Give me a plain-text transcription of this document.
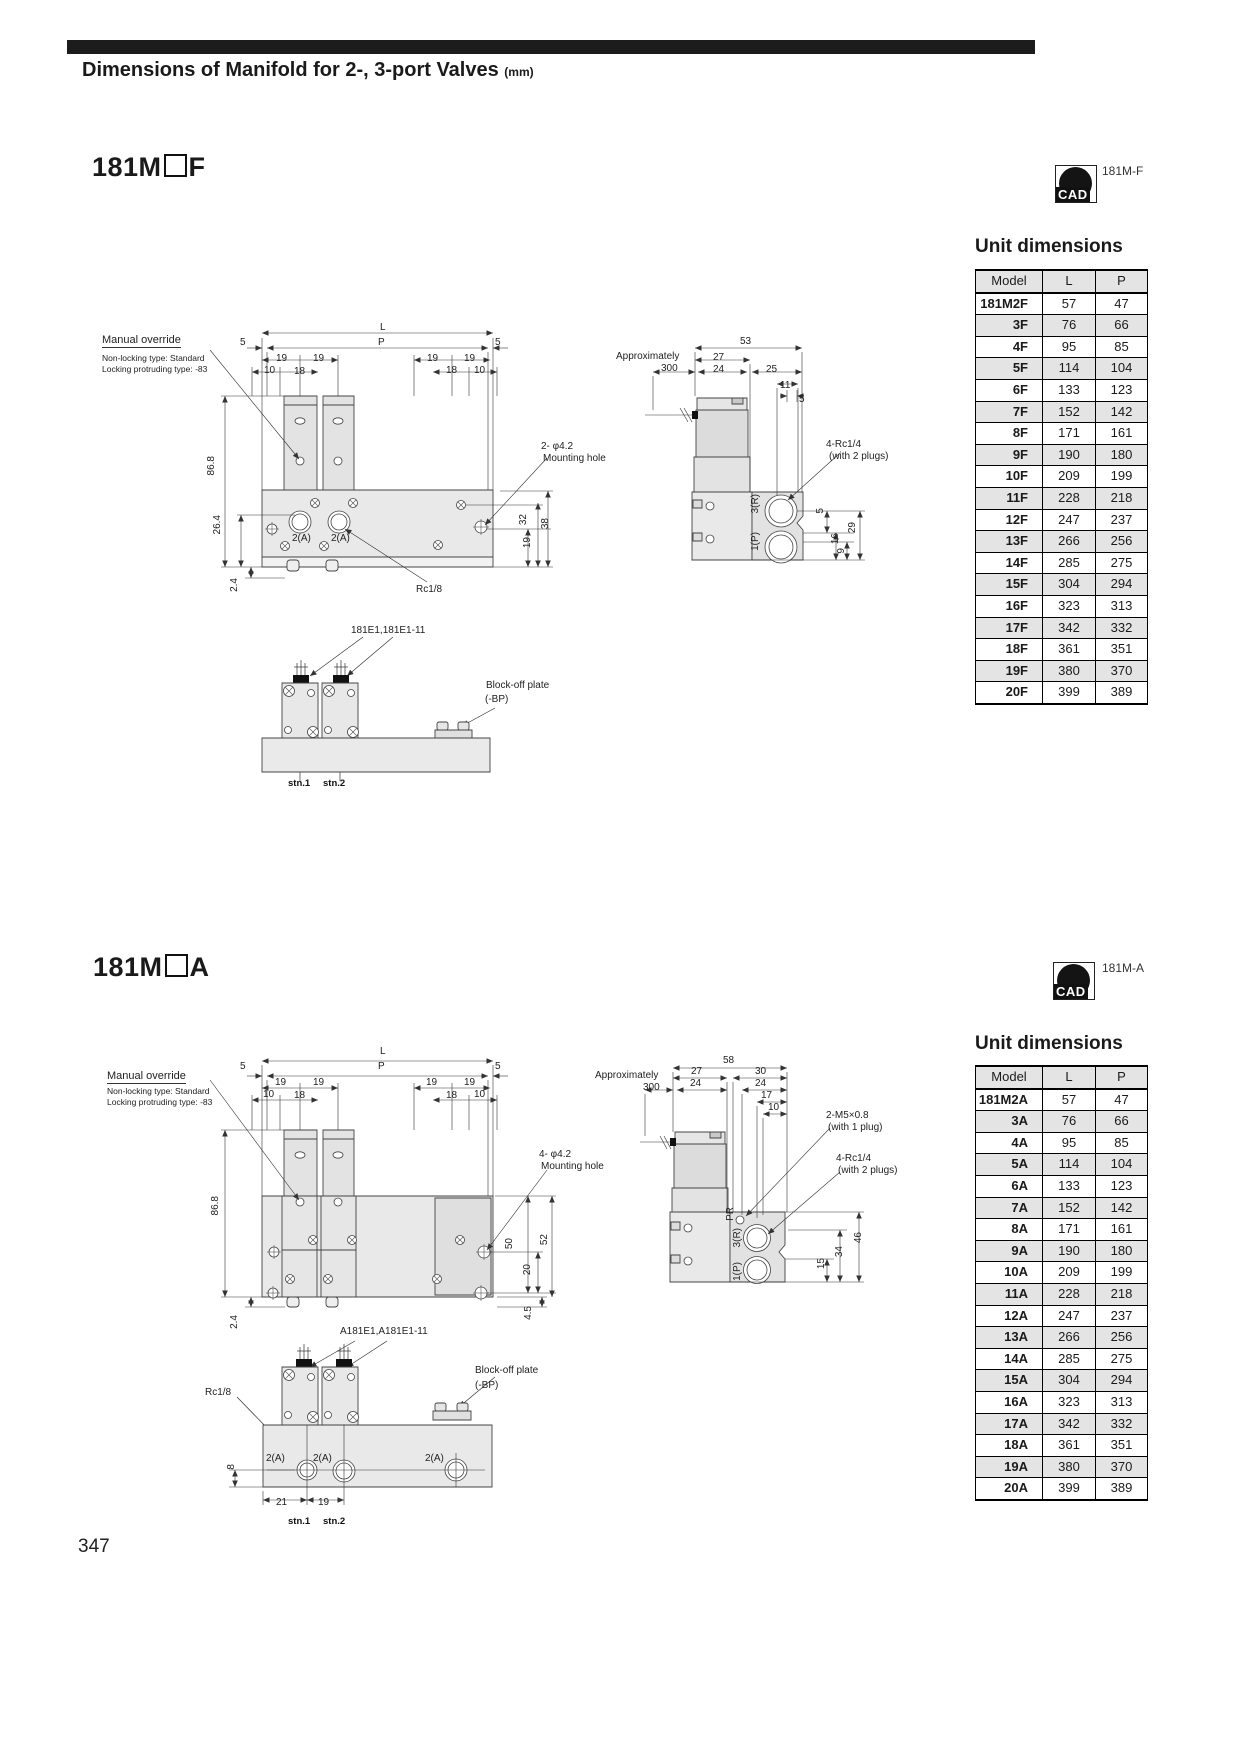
Dimensions of Manifold for 2-, 3-port Valves (mm)
181M F
CAD
181M-F
Unit dimensions
Model	L	P
181M2F	57	47
3F	76	66
4F	95	85
5F	114	104
6F	133	123
7F	152	142
8F	171	161
9F	190	180
10F	209	199
11F	228	218
12F	247	237
13F	266	256
14F	285	275
15F	304	294
16F	323	313
17F	342	332
18F	361	351
19F	380	370
20F	399	389
Manual override
Non-locking type: Standard
Locking protruding type: -83
L
P
5	5
19	19	19	19
10 18	18 10
86.8
26.4
2.4
2(A) 2(A)
2- φ4.2
Mounting hole
32 38
19
Rc1/8
Approximately
300
53
27
24	25
11
5
4-Rc1/4
(with 2 plugs)
3(R)
1(P)
5
16
29
9
181E1,181E1-11
Block-off plate
(-BP)
stn.1 stn.2
181M A
CAD
181M-A
Unit dimensions
Model	L	P
181M2A	57	47
3A	76	66
4A	95	85
5A	114	104
6A	133	123
7A	152	142
8A	171	161
9A	190	180
10A	209	199
11A	228	218
12A	247	237
13A	266	256
14A	285	275
15A	304	294
16A	323	313
17A	342	332
18A	361	351
19A	380	370
20A	399	389
Manual override
Non-locking type: Standard
Locking protruding type: -83
L
P
5	5
19	19	19	19
10 18	18 10
86.8
2.4
4- φ4.2
Mounting hole
50 52
20
4.5
Approximately
300
58
27	30
24	24
17
10
2-M5×0.8
(with 1 plug)
4-Rc1/4
(with 2 plugs)
PR
3(R)
1(P)	15
34
46
A181E1,A181E1-11
Rc1/8
Block-off plate
(-BP)
2(A)	2(A)	2(A)
8
21	19
stn.1 stn.2
347
